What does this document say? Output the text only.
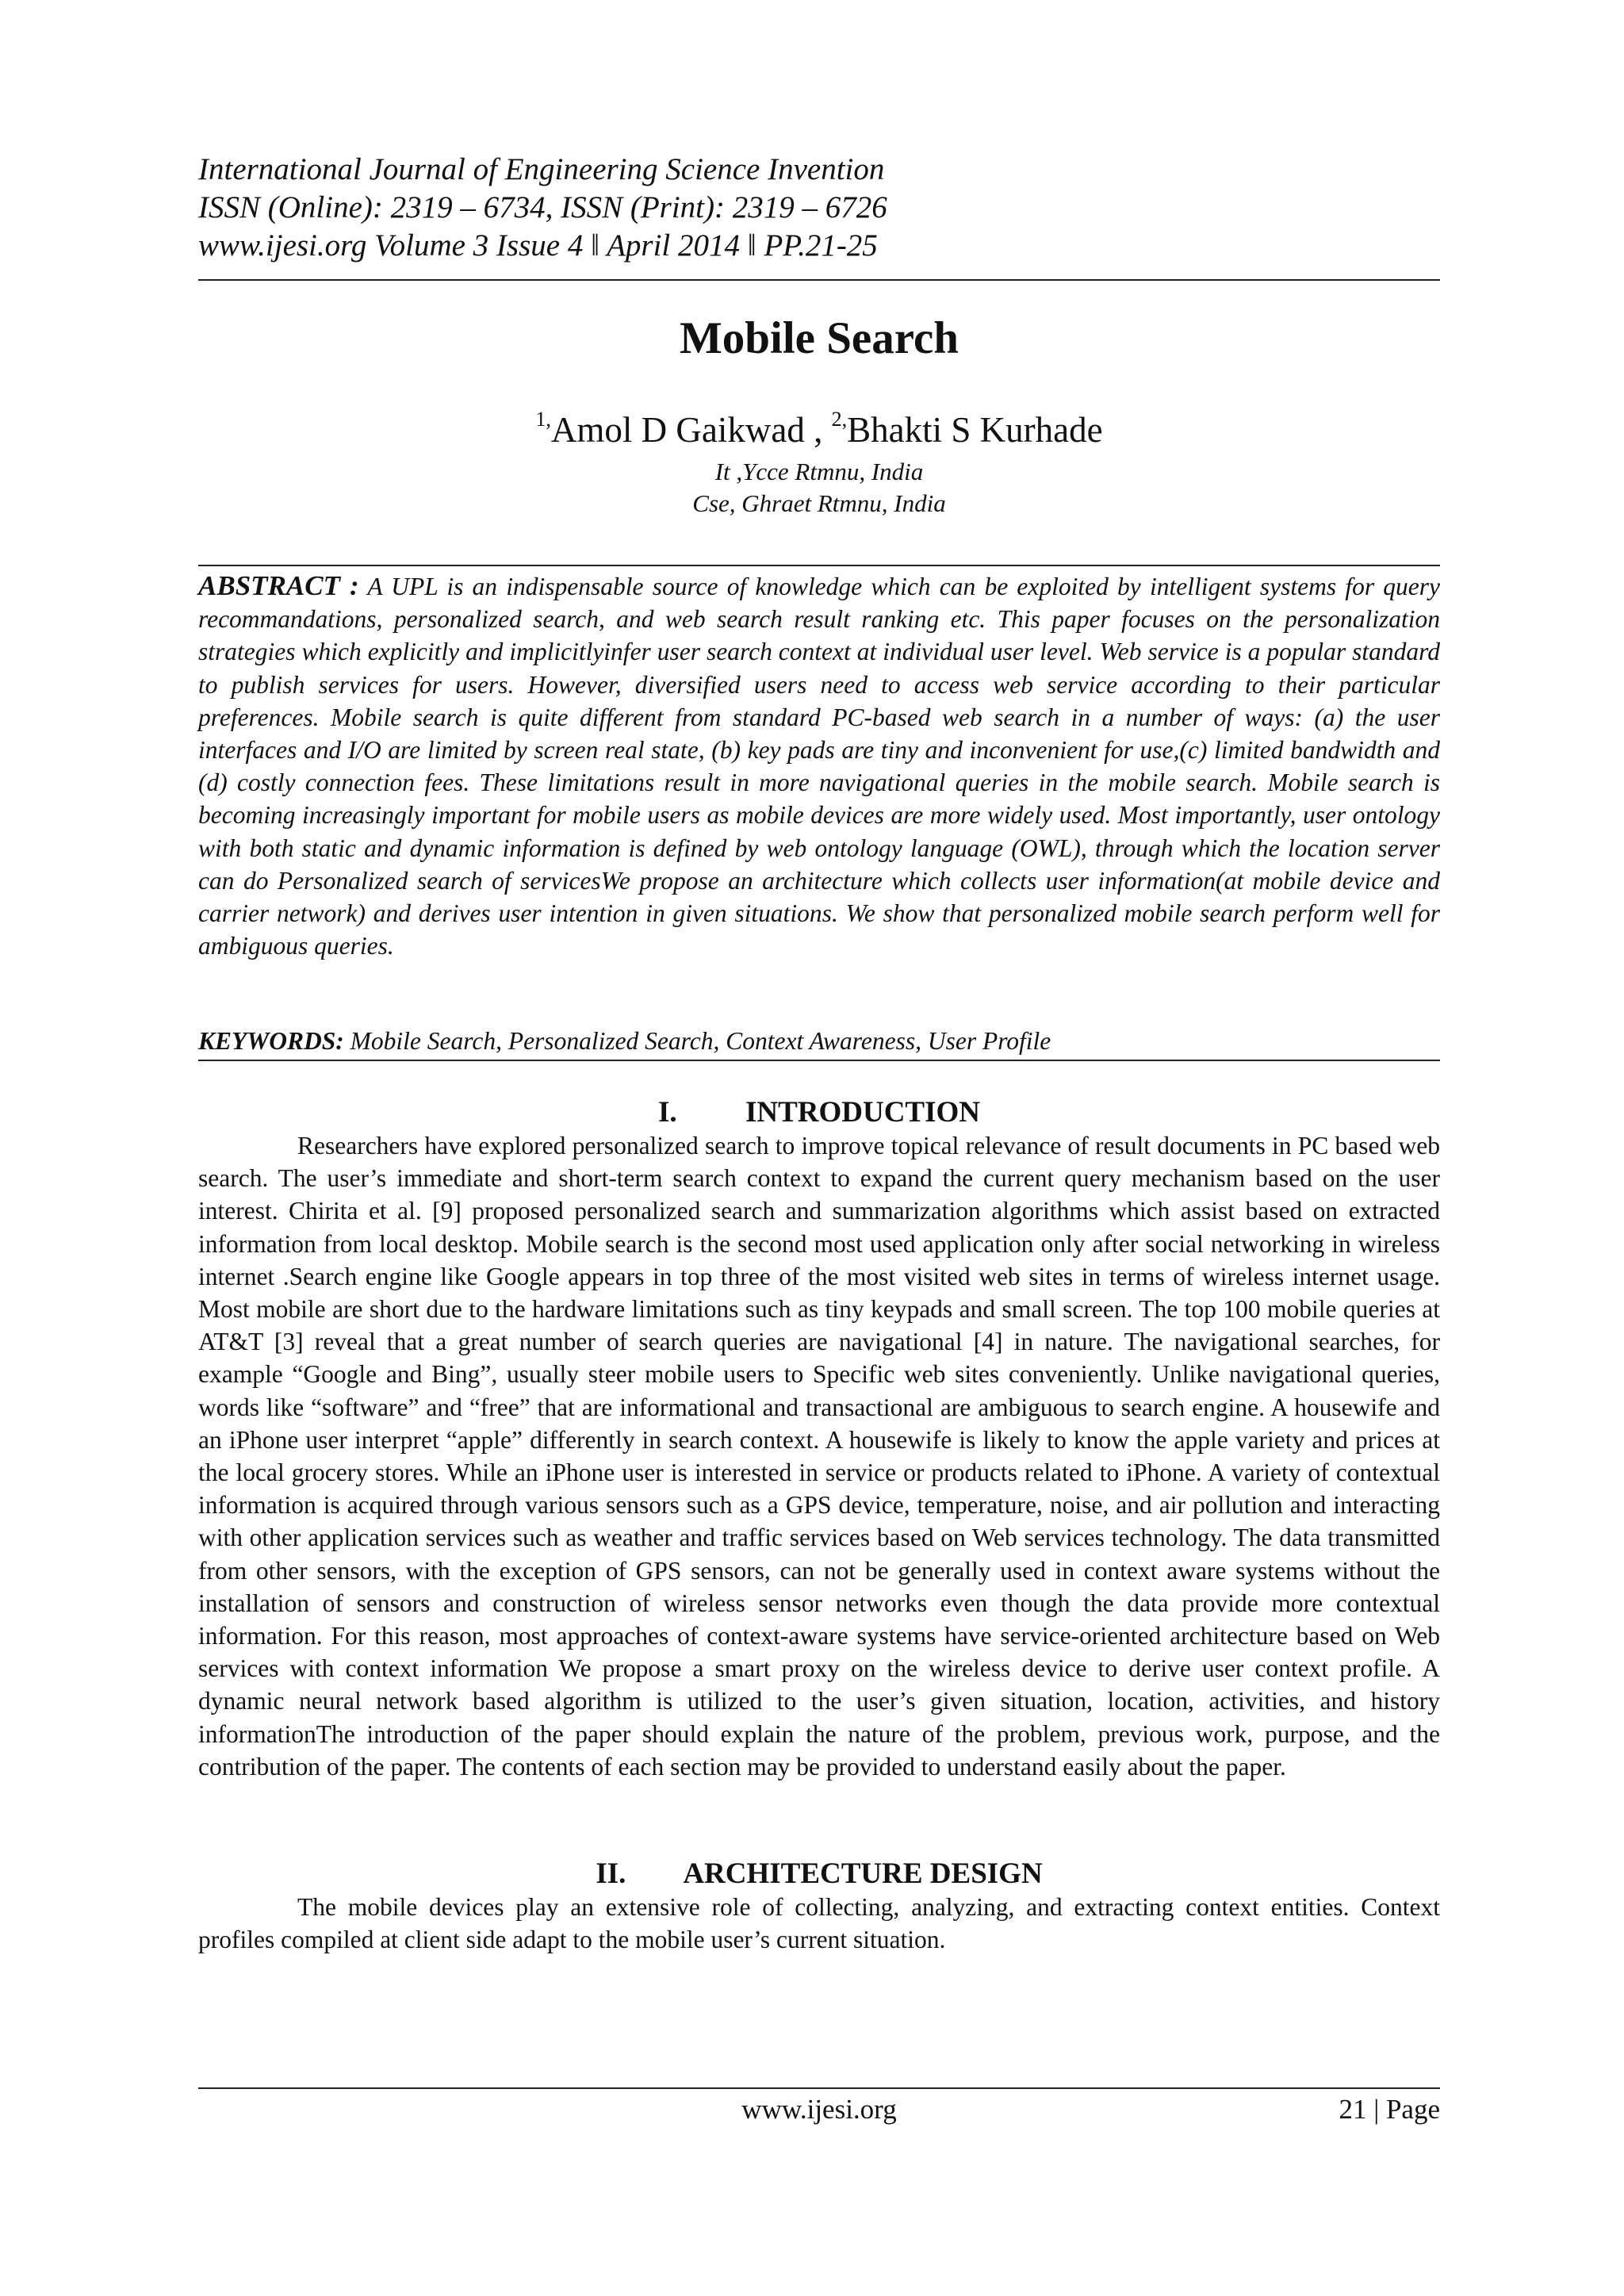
International Journal of Engineering Science Invention
ISSN (Online): 2319 – 6734, ISSN (Print): 2319 – 6726
www.ijesi.org Volume 3 Issue 4 ǁ April 2014 ǁ PP.21-25
Mobile Search
$^{1,}$Amol D Gaikwad , $^{2,}$Bhakti S Kurhade
It ,Ycce Rtmnu, India
Cse, Ghraet Rtmnu, India
ABSTRACT : A UPL is an indispensable source of knowledge which can be exploited by intelligent systems for query recommandations, personalized search, and web search result ranking etc. This paper focuses on the personalization strategies which explicitly and implicitlyinfer user search context at individual user level. Web service is a popular standard to publish services for users. However, diversified users need to access web service according to their particular preferences. Mobile search is quite different from standard PC-based web search in a number of ways: (a) the user interfaces and I/O are limited by screen real state, (b) key pads are tiny and inconvenient for use,(c) limited bandwidth and (d) costly connection fees. These limitations result in more navigational queries in the mobile search. Mobile search is becoming increasingly important for mobile users as mobile devices are more widely used. Most importantly, user ontology with both static and dynamic information is defined by web ontology language (OWL), through which the location server can do Personalized search of servicesWe propose an architecture which collects user information(at mobile device and carrier network) and derives user intention in given situations. We show that personalized mobile search perform well for ambiguous queries.
KEYWORDS: Mobile Search, Personalized Search, Context Awareness, User Profile
I. INTRODUCTION
Researchers have explored personalized search to improve topical relevance of result documents in PC based web search. The user’s immediate and short-term search context to expand the current query mechanism based on the user interest. Chirita et al. [9] proposed personalized search and summarization algorithms which assist based on extracted information from local desktop. Mobile search is the second most used application only after social networking in wireless internet .Search engine like Google appears in top three of the most visited web sites in terms of wireless internet usage. Most mobile are short due to the hardware limitations such as tiny keypads and small screen. The top 100 mobile queries at AT&T [3] reveal that a great number of search queries are navigational [4] in nature. The navigational searches, for example “Google and Bing”, usually steer mobile users to Specific web sites conveniently. Unlike navigational queries, words like “software” and “free” that are informational and transactional are ambiguous to search engine. A housewife and an iPhone user interpret “apple” differently in search context. A housewife is likely to know the apple variety and prices at the local grocery stores. While an iPhone user is interested in service or products related to iPhone. A variety of contextual information is acquired through various sensors such as a GPS device, temperature, noise, and air pollution and interacting with other application services such as weather and traffic services based on Web services technology. The data transmitted from other sensors, with the exception of GPS sensors, can not be generally used in context aware systems without the installation of sensors and construction of wireless sensor networks even though the data provide more contextual information. For this reason, most approaches of context-aware systems have service-oriented architecture based on Web services with context information We propose a smart proxy on the wireless device to derive user context profile. A dynamic neural network based algorithm is utilized to the user’s given situation, location, activities, and history informationThe introduction of the paper should explain the nature of the problem, previous work, purpose, and the contribution of the paper. The contents of each section may be provided to understand easily about the paper.
II. ARCHITECTURE DESIGN
The mobile devices play an extensive role of collecting, analyzing, and extracting context entities. Context profiles compiled at client side adapt to the mobile user’s current situation.
www.ijesi.org	21 | Page
